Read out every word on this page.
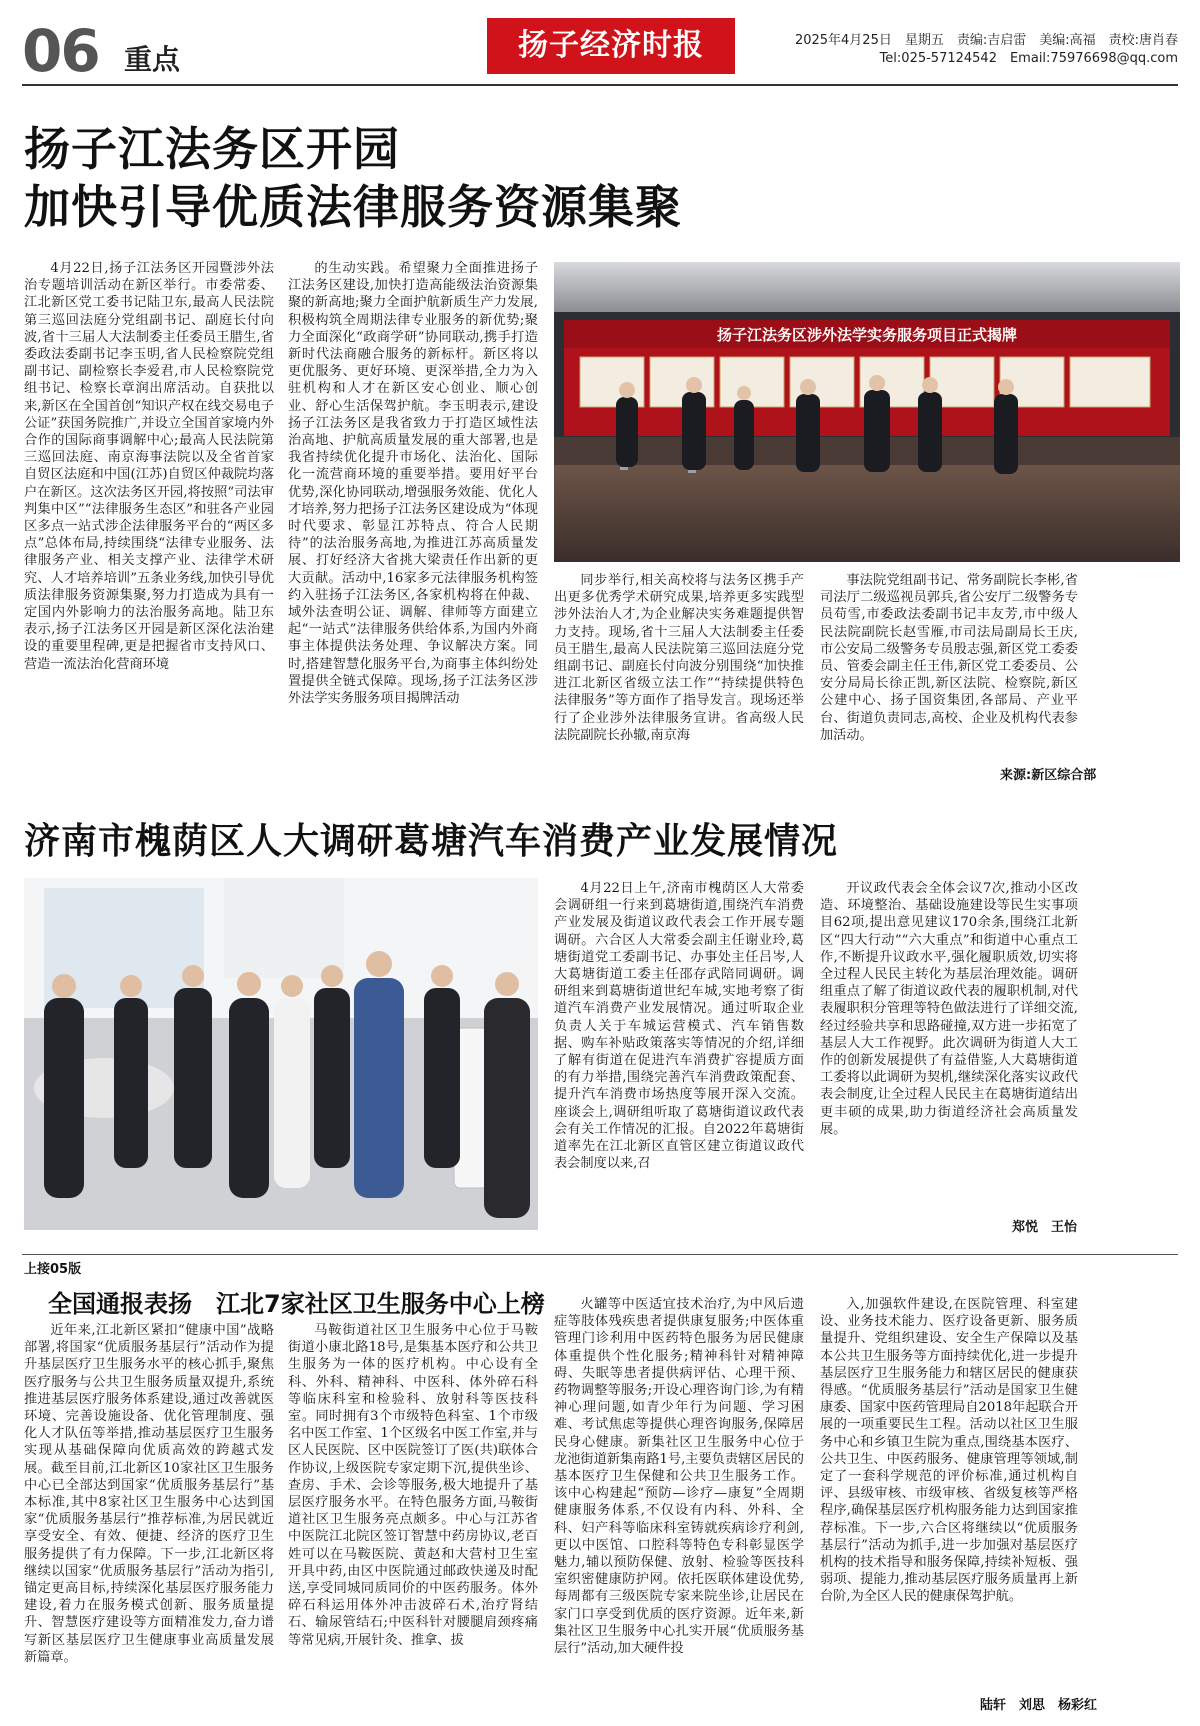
06 重点	扬子经济时报	2025年4月25日　星期五　责编:吉启雷　美编:高福　责校:唐肖春
Tel:025-57124542　Email:75976698@qq.com
扬子江法务区开园
加快引导优质法律服务资源集聚

4月22日,扬子江法务区开园暨涉外法治专题培训活动在新区举行。市委常委、江北新区党工委书记陆卫东,最高人民法院第三巡回法庭分党组副书记、副庭长付向波,省十三届人大法制委主任委员王腊生,省委政法委副书记李玉明,省人民检察院党组副书记、副检察长李爱君,市人民检察院党组书记、检察长章润出席活动。自获批以来,新区在全国首创“知识产权在线交易电子公证”获国务院推广,并设立全国首家境内外合作的国际商事调解中心;最高人民法院第三巡回法庭、南京海事法院以及全省首家自贸区法庭和中国(江苏)自贸区仲裁院均落户在新区。这次法务区开园,将按照“司法审判集中区”“法律服务生态区”和驻各产业园区多点一站式涉企法律服务平台的“两区多点”总体布局,持续围绕“法律专业服务、法律服务产业、相关支撑产业、法律学术研究、人才培养培训”五条业务线,加快引导优质法律服务资源集聚,努力打造成为具有一定国内外影响力的法治服务高地。陆卫东表示,扬子江法务区开园是新区深化法治建设的重要里程碑,更是把握省市支持风口、营造一流法治化营商环境

的生动实践。希望聚力全面推进扬子江法务区建设,加快打造高能级法治资源集聚的新高地;聚力全面护航新质生产力发展,积极构筑全周期法律专业服务的新优势;聚力全面深化“政商学研”协同联动,携手打造新时代法商融合服务的新标杆。新区将以更优服务、更好环境、更深举措,全力为入驻机构和人才在新区安心创业、顺心创业、舒心生活保驾护航。李玉明表示,建设扬子江法务区是我省致力于打造区域性法治高地、护航高质量发展的重大部署,也是我省持续优化提升市场化、法治化、国际化一流营商环境的重要举措。要用好平台优势,深化协同联动,增强服务效能、优化人才培养,努力把扬子江法务区建设成为“体现时代要求、彰显江苏特点、符合人民期待”的法治服务高地,为推进江苏高质量发展、打好经济大省挑大梁责任作出新的更大贡献。活动中,16家多元法律服务机构签约入驻扬子江法务区,各家机构将在仲裁、域外法查明公证、调解、律师等方面建立起“一站式”法律服务供给体系,为国内外商事主体提供法务处理、争议解决方案。同时,搭建智慧化服务平台,为商事主体纠纷处置提供全链式保障。现场,扬子江法务区涉外法学实务服务项目揭牌活动

扬子江法务区涉外法学实务服务项目正式揭牌

同步举行,相关高校将与法务区携手产出更多优秀学术研究成果,培养更多实践型涉外法治人才,为企业解决实务难题提供智力支持。现场,省十三届人大法制委主任委员王腊生,最高人民法院第三巡回法庭分党组副书记、副庭长付向波分别围绕“加快推进江北新区省级立法工作”“持续提供特色法律服务”等方面作了指导发言。现场还举行了企业涉外法律服务宣讲。省高级人民法院副院长孙辙,南京海

事法院党组副书记、常务副院长李彬,省司法厅二级巡视员郭兵,省公安厅二级警务专员苟雪,市委政法委副书记丰友芳,市中级人民法院副院长赵雪雁,市司法局副局长王庆,市公安局二级警务专员殷志强,新区党工委委员、管委会副主任王伟,新区党工委委员、公安分局局长徐正凯,新区法院、检察院,新区公建中心、扬子国资集团,各部局、产业平台、街道负责同志,高校、企业及机构代表参加活动。

来源:新区综合部
济南市槐荫区人大调研葛塘汽车消费产业发展情况

4月22日上午,济南市槐荫区人大常委会调研组一行来到葛塘街道,围绕汽车消费产业发展及街道议政代表会工作开展专题调研。六合区人大常委会副主任谢业玲,葛塘街道党工委副书记、办事处主任吕岑,人大葛塘街道工委主任邵存武陪同调研。调研组来到葛塘街道世纪车城,实地考察了街道汽车消费产业发展情况。通过听取企业负责人关于车城运营模式、汽车销售数据、购车补贴政策落实等情况的介绍,详细了解有街道在促进汽车消费扩容提质方面的有力举措,围绕完善汽车消费政策配套、提升汽车消费市场热度等展开深入交流。座谈会上,调研组听取了葛塘街道议政代表会有关工作情况的汇报。自2022年葛塘街道率先在江北新区直管区建立街道议政代表会制度以来,召

开议政代表会全体会议7次,推动小区改造、环境整治、基础设施建设等民生实事项目62项,提出意见建议170余条,围绕江北新区“四大行动”“六大重点”和街道中心重点工作,不断提升议政水平,强化履职质效,切实将全过程人民民主转化为基层治理效能。调研组重点了解了街道议政代表的履职机制,对代表履职积分管理等特色做法进行了详细交流,经过经验共享和思路碰撞,双方进一步拓宽了基层人大工作视野。此次调研为街道人大工作的创新发展提供了有益借鉴,人大葛塘街道工委将以此调研为契机,继续深化落实议政代表会制度,让全过程人民民主在葛塘街道结出更丰硕的成果,助力街道经济社会高质量发展。

郑悦　王怡
上接05版
全国通报表扬　江北7家社区卫生服务中心上榜

近年来,江北新区紧扣“健康中国”战略部署,将国家“优质服务基层行”活动作为提升基层医疗卫生服务水平的核心抓手,聚焦医疗服务与公共卫生服务质量双提升,系统推进基层医疗服务体系建设,通过改善就医环境、完善设施设备、优化管理制度、强化人才队伍等举措,推动基层医疗卫生服务实现从基础保障向优质高效的跨越式发展。截至目前,江北新区10家社区卫生服务中心已全部达到国家“优质服务基层行”基本标准,其中8家社区卫生服务中心达到国家“优质服务基层行”推荐标准,为居民就近享受安全、有效、便捷、经济的医疗卫生服务提供了有力保障。下一步,江北新区将继续以国家“优质服务基层行”活动为指引,锚定更高目标,持续深化基层医疗服务能力建设,着力在服务模式创新、服务质量提升、智慧医疗建设等方面精准发力,奋力谱写新区基层医疗卫生健康事业高质量发展新篇章。

马鞍街道社区卫生服务中心位于马鞍街道小康北路18号,是集基本医疗和公共卫生服务为一体的医疗机构。中心设有全科、外科、精神科、中医科、体外碎石科等临床科室和检验科、放射科等医技科室。同时拥有3个市级特色科室、1个市级名中医工作室、1个区级名中医工作室,并与区人民医院、区中医院签订了医(共)联体合作协议,上级医院专家定期下沉,提供坐诊、查房、手术、会诊等服务,极大地提升了基层医疗服务水平。在特色服务方面,马鞍街道社区卫生服务亮点颇多。中心与江苏省中医院江北院区签订智慧中药房协议,老百姓可以在马鞍医院、黄赵和大营村卫生室开具中药,由区中医院通过邮政快递及时配送,享受同城同质同价的中医药服务。体外碎石科运用体外冲击波碎石术,治疗肾结石、输尿管结石;中医科针对腰腿肩颈疼痛等常见病,开展针灸、推拿、拔

火罐等中医适宜技术治疗,为中风后遗症等肢体残疾患者提供康复服务;中医体重管理门诊利用中医药特色服务为居民健康体重提供个性化服务;精神科针对精神障碍、失眠等患者提供病评估、心理干预、药物调整等服务;开设心理咨询门诊,为有精神心理问题,如青少年行为问题、学习困难、考试焦虑等提供心理咨询服务,保障居民身心健康。新集社区卫生服务中心位于龙池街道新集南路1号,主要负责辖区居民的基本医疗卫生保健和公共卫生服务工作。该中心构建起“预防—诊疗—康复”全周期健康服务体系,不仅设有内科、外科、全科、妇产科等临床科室铸就疾病诊疗利剑,更以中医馆、口腔科等特色专科彰显医学魅力,辅以预防保健、放射、检验等医技科室织密健康防护网。依托医联体建设优势,每周都有三级医院专家来院坐诊,让居民在家门口享受到优质的医疗资源。近年来,新集社区卫生服务中心扎实开展“优质服务基层行”活动,加大硬件投

入,加强软件建设,在医院管理、科室建设、业务技术能力、医疗设备更新、服务质量提升、党组织建设、安全生产保障以及基本公共卫生服务等方面持续优化,进一步提升基层医疗卫生服务能力和辖区居民的健康获得感。“优质服务基层行”活动是国家卫生健康委、国家中医药管理局自2018年起联合开展的一项重要民生工程。活动以社区卫生服务中心和乡镇卫生院为重点,围绕基本医疗、公共卫生、中医药服务、健康管理等领域,制定了一套科学规范的评价标准,通过机构自评、县级审核、市级审核、省级复核等严格程序,确保基层医疗机构服务能力达到国家推荐标准。下一步,六合区将继续以“优质服务基层行”活动为抓手,进一步加强对基层医疗机构的技术指导和服务保障,持续补短板、强弱项、提能力,推动基层医疗服务质量再上新台阶,为全区人民的健康保驾护航。

陆轩　刘思　杨彩红
